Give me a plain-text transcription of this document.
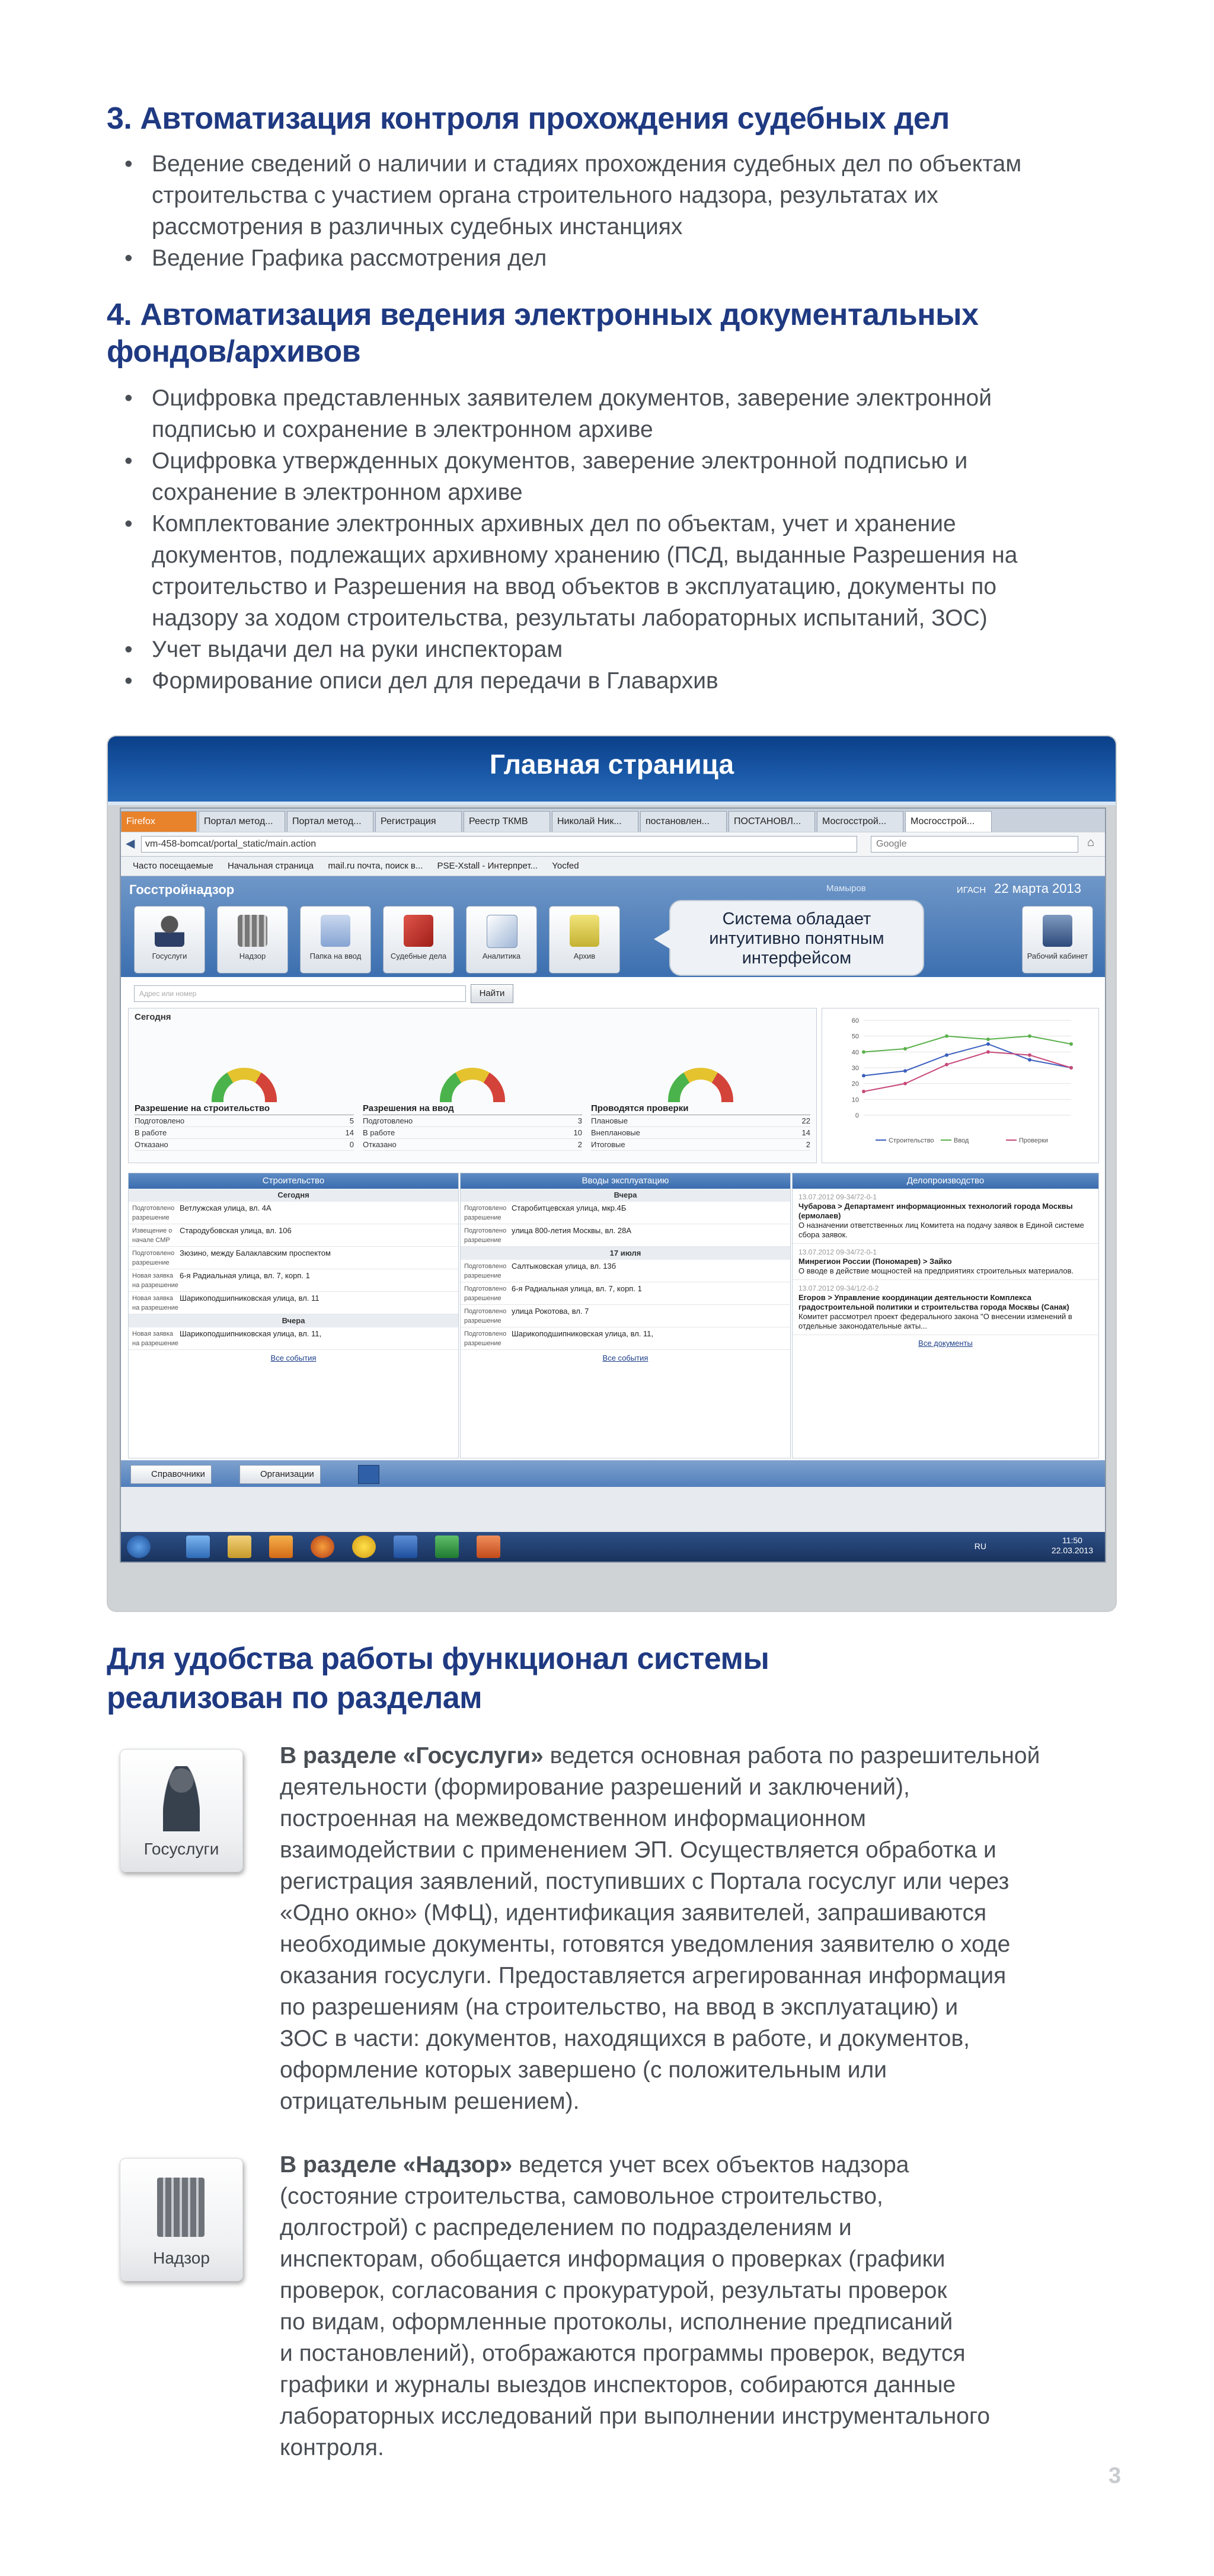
3. Автоматизация контроля прохождения судебных дел
• Ведение сведений о наличии и стадиях прохождения судебных дел по объектам
строительства с участием органа строительного надзора, результатах их
рассмотрения в различных судебных инстанциях
• Ведение Графика рассмотрения дел
4. Автоматизация ведения электронных документальных
фондов/архивов
• Оцифровка представленных заявителем документов, заверение электронной
подписью и сохранение в электронном архиве
• Оцифровка утвержденных документов, заверение электронной подписью и
сохранение в электронном архиве
• Комплектование электронных архивных дел по объектам, учет и хранение
документов, подлежащих архивному хранению (ПСД, выданные Разрешения на
строительство и Разрешения на ввод объектов в эксплуатацию, документы по
надзору за ходом строительства, результаты лабораторных испытаний, ЗОС)
• Учет выдачи дел на руки инспекторам
• Формирование описи дел для передачи в Главархив
Главная страница
Firefox	Портал метод...	Портал метод...	Регистрация	Реестр ТКМВ	Николай Ник...	постановлен...	ПОСТАНОВЛ...	Мосгосстрой...	Мосгосстрой...
◀	vm-458-bomcat/portal_static/main.action	Google	⌂
Часто посещаемые Начальная страница mail.ru почта, поиск в... PSE-Xstall - Интерпрет... Yocfed
Госстройнадзор	Мамыров	ИГАСН 22 марта 2013
Госуслуги	Надзор	Папка на ввод	Судебные дела	Аналитика	Архив	Рабочий кабинет
Система обладает
интуитивно понятным
интерфейсом
Адрес или номер	Найти
Сегодня
Разрешение на строительство
Подготовлено	5
В работе	14
Отказано	0
Разрешения на ввод
Подготовлено	3
В работе	10
Отказано	2
Проводятся проверки
Плановые	22
Внеплановые	14
Итоговые	2
60
50
40
30
20
10
0
Строительство	Ввод	Проверки
Строительство
Сегодня
Подготовлено разрешение
Ветлужская улица, вл. 4А
Извещение о начале СМР
Стародубовская улица, вл. 106
Подготовлено разрешение
Зюзино, между Балаклавским проспектом
Новая заявка на разрешение
6-я Радиальная улица, вл. 7, корп. 1
Новая заявка на разрешение
Шарикоподшипниковская улица, вл. 11
Вчера
Новая заявка на разрешение
Шарикоподшипниковская улица, вл. 11,
Все события
Вводы эксплуатацию
Вчера
Подготовлено разрешение
Старобитцевская улица, мкр.4Б
Подготовлено разрешение
улица 800-летия Москвы, вл. 28А
17 июля
Подготовлено разрешение
Салтыковская улица, вл. 13б
Подготовлено разрешение
6-я Радиальная улица, вл. 7, корп. 1
Подготовлено разрешение
улица Рокотова, вл. 7
Подготовлено разрешение
Шарикоподшипниковская улица, вл. 11,
Все события
Делопроизводство
13.07.2012 09-34/72-0-1
Чубарова > Департамент информационных технологий города Москвы (ермолаев)
О назначении ответственных лиц Комитета на подачу заявок в Единой системе сбора заявок.
13.07.2012 09-34/72-0-1
Минрегион России (Пономарев) > Зайко
О вводе в действие мощностей на предприятиях строительных материалов.
13.07.2012 09-34/1/2-0-2
Егоров > Управление координации деятельности Комплекса градостроительной политики и строительства города Москвы (Санак)
Комитет рассмотрел проект федерального закона "О внесении изменений в отдельные законодательные акты...
Все документы
Справочники	Организации
RU
11:50
22.03.2013
Для удобства работы функционал системы
реализован по разделам
Госуслуги

В разделе «Госуслуги» ведется основная работа по разрешительной
деятельности (формирование разрешений и заключений),
построенная на межведомственном информационном
взаимодействии с применением ЭП. Осуществляется обработка и
регистрация заявлений, поступивших с Портала госуслуг или через
«Одно окно» (МФЦ), идентификация заявителей, запрашиваются
необходимые документы, готовятся уведомления заявителю о ходе
оказания госуслуги. Предоставляется агрегированная информация
по разрешениям (на строительство, на ввод в эксплуатацию) и
ЗОС в части: документов, находящихся в работе, и документов,
оформление которых завершено (с положительным или
отрицательным решением).

Надзор

В разделе «Надзор» ведется учет всех объектов надзора
(состояние строительства, самовольное строительство,
долгострой) с распределением по подразделениям и
инспекторам, обобщается информация о проверках (графики
проверок, согласования с прокуратурой, результаты проверок
по видам, оформленные протоколы, исполнение предписаний
и постановлений), отображаются программы проверок, ведутся
графики и журналы выездов инспекторов, собираются данные
лабораторных исследований при выполнении инструментального
контроля.

3
